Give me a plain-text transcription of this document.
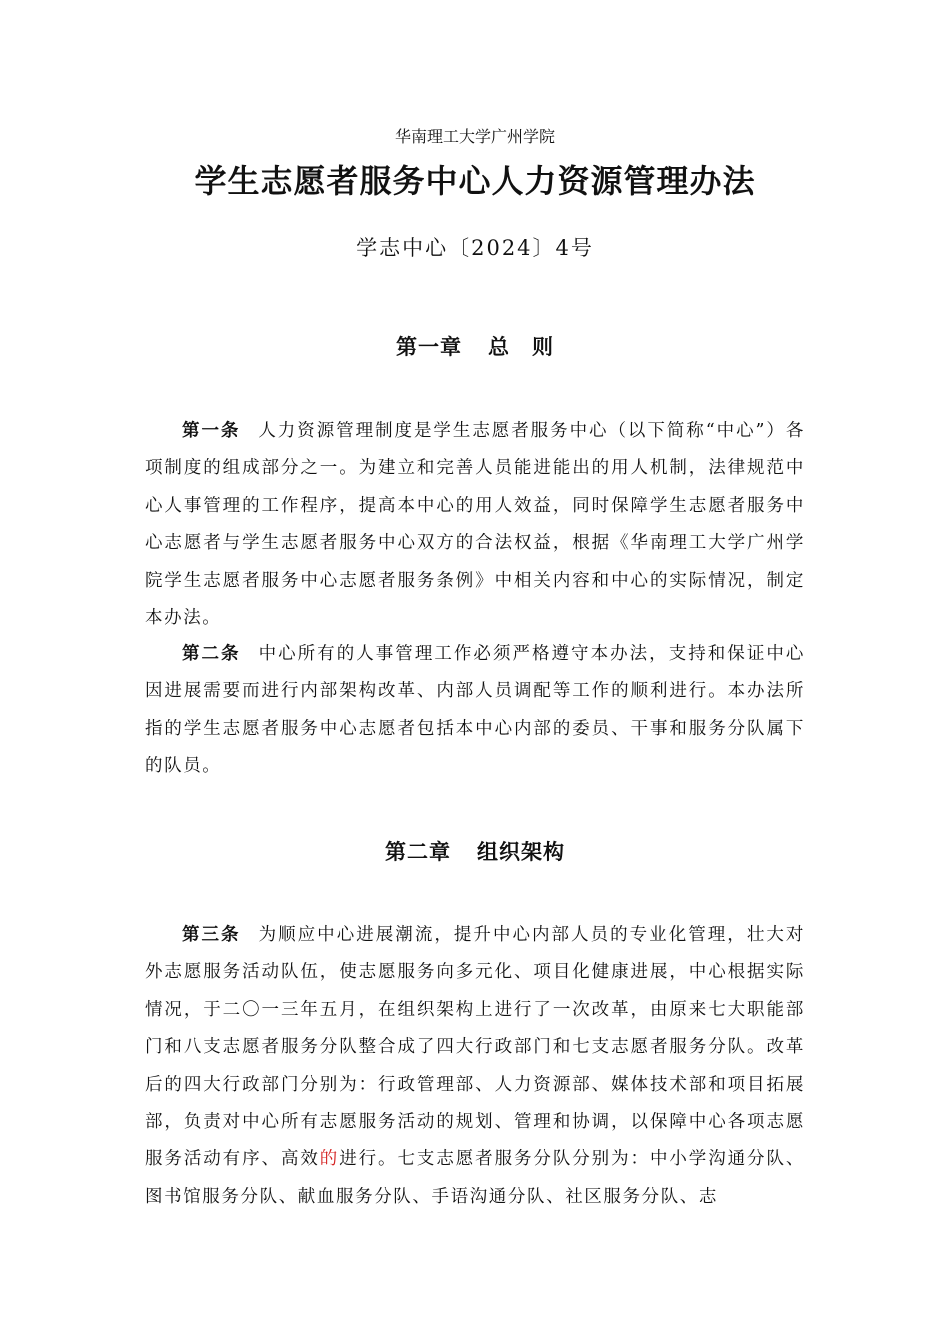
华南理工大学广州学院
学生志愿者服务中心人力资源管理办法
学志中心〔2024〕4号
第一章 总　则

第一条 人力资源管理制度是学生志愿者服务中心（以下简称“中心”）各项制度的组成部分之一。为建立和完善人员能进能出的用人机制，法律规范中心人事管理的工作程序，提高本中心的用人效益，同时保障学生志愿者服务中心志愿者与学生志愿者服务中心双方的合法权益，根据《华南理工大学广州学院学生志愿者服务中心志愿者服务条例》中相关内容和中心的实际情况，制定本办法。

第二条 中心所有的人事管理工作必须严格遵守本办法，支持和保证中心因进展需要而进行内部架构改革、内部人员调配等工作的顺利进行。本办法所指的学生志愿者服务中心志愿者包括本中心内部的委员、干事和服务分队属下的队员。

第二章 组织架构

第三条 为顺应中心进展潮流，提升中心内部人员的专业化管理，壮大对外志愿服务活动队伍，使志愿服务向多元化、项目化健康进展，中心根据实际情况，于二〇一三年五月，在组织架构上进行了一次改革，由原来七大职能部门和八支志愿者服务分队整合成了四大行政部门和七支志愿者服务分队。改革后的四大行政部门分别为：行政管理部、人力资源部、媒体技术部和项目拓展部，负责对中心所有志愿服务活动的规划、管理和协调，以保障中心各项志愿服务活动有序、高效的进行。七支志愿者服务分队分别为：中小学沟通分队、图书馆服务分队、献血服务分队、手语沟通分队、社区服务分队、志
